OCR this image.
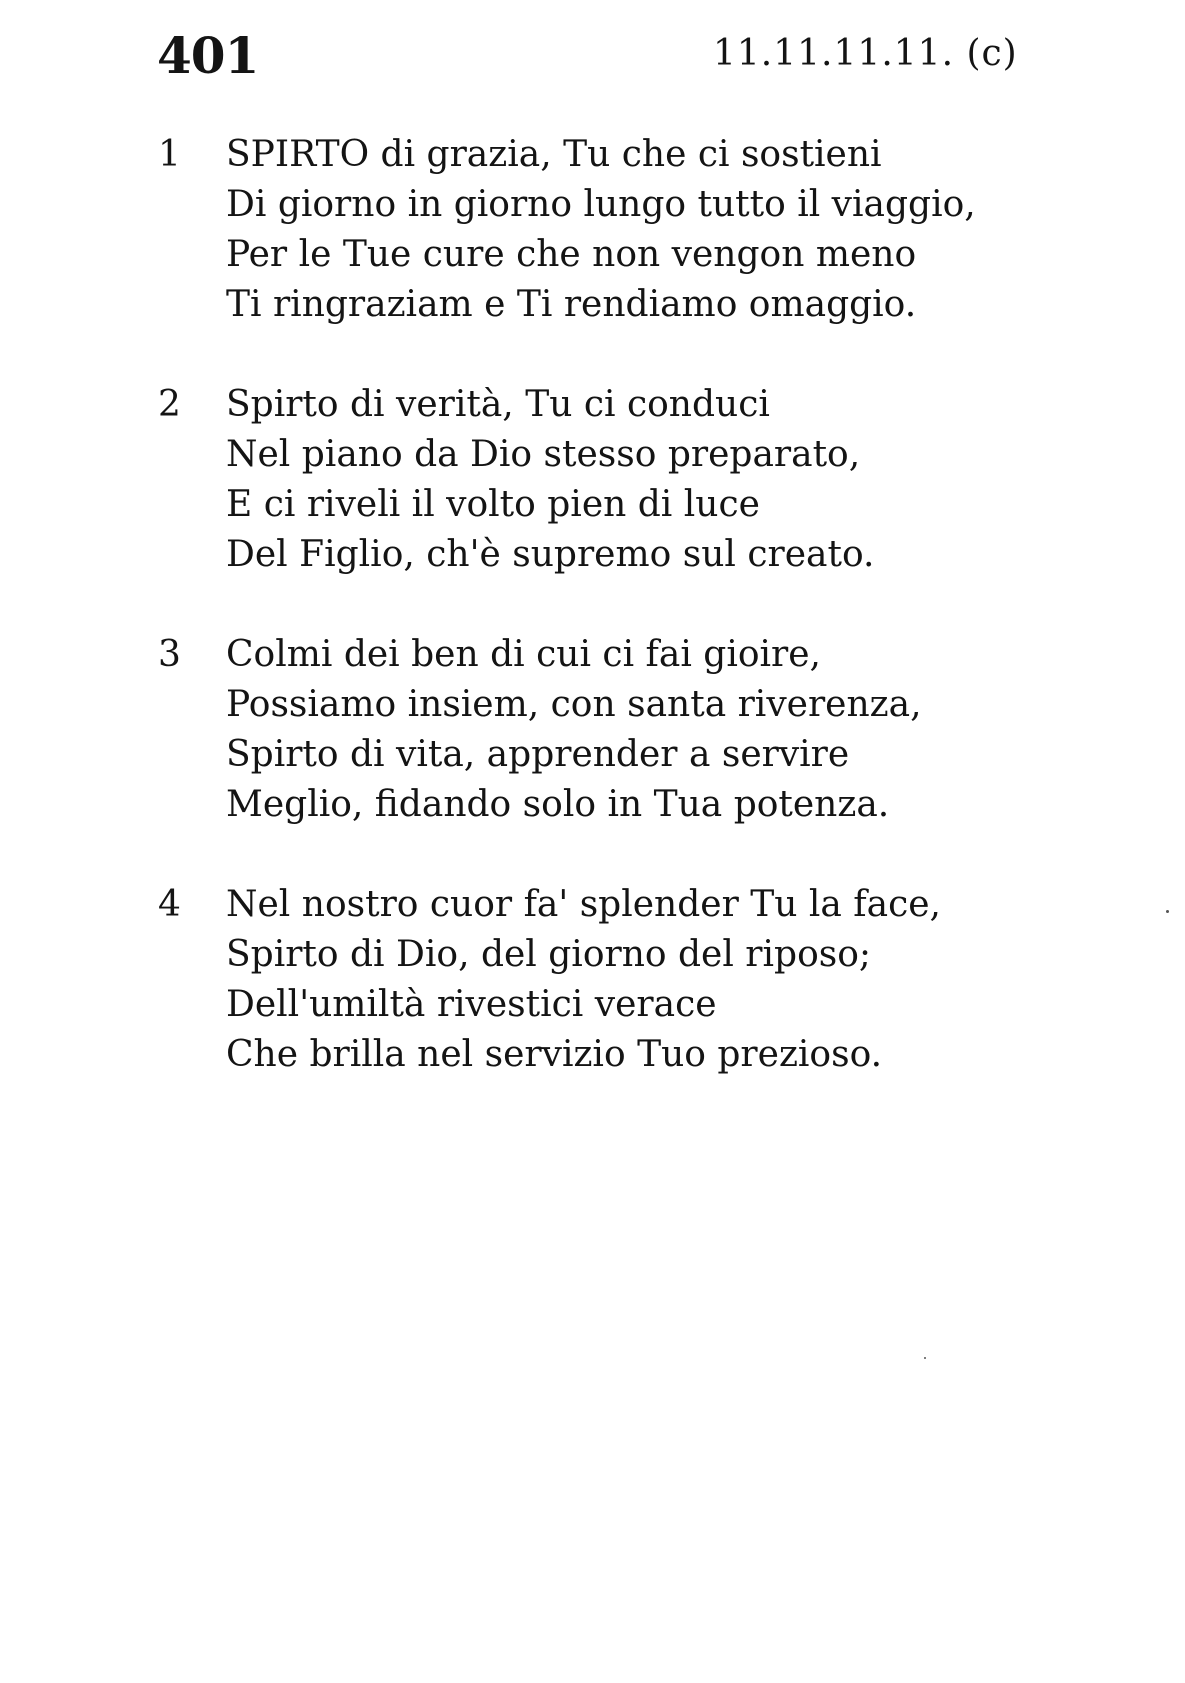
401	11.11.11.11. (c)
1	SPIRTO di grazia, Tu che ci sostieni
Di giorno in giorno lungo tutto il viaggio,
Per le Tue cure che non vengon meno
Ti ringraziam e Ti rendiamo omaggio.
2	Spirto di verità, Tu ci conduci
Nel piano da Dio stesso preparato,
E ci riveli il volto pien di luce
Del Figlio, ch'è supremo sul creato.
3	Colmi dei ben di cui ci fai gioire,
Possiamo insiem, con santa riverenza,
Spirto di vita, apprender a servire
Meglio, fidando solo in Tua potenza.
4	Nel nostro cuor fa' splender Tu la face,
Spirto di Dio, del giorno del riposo;
Dell'umiltà rivestici verace
Che brilla nel servizio Tuo prezioso.
